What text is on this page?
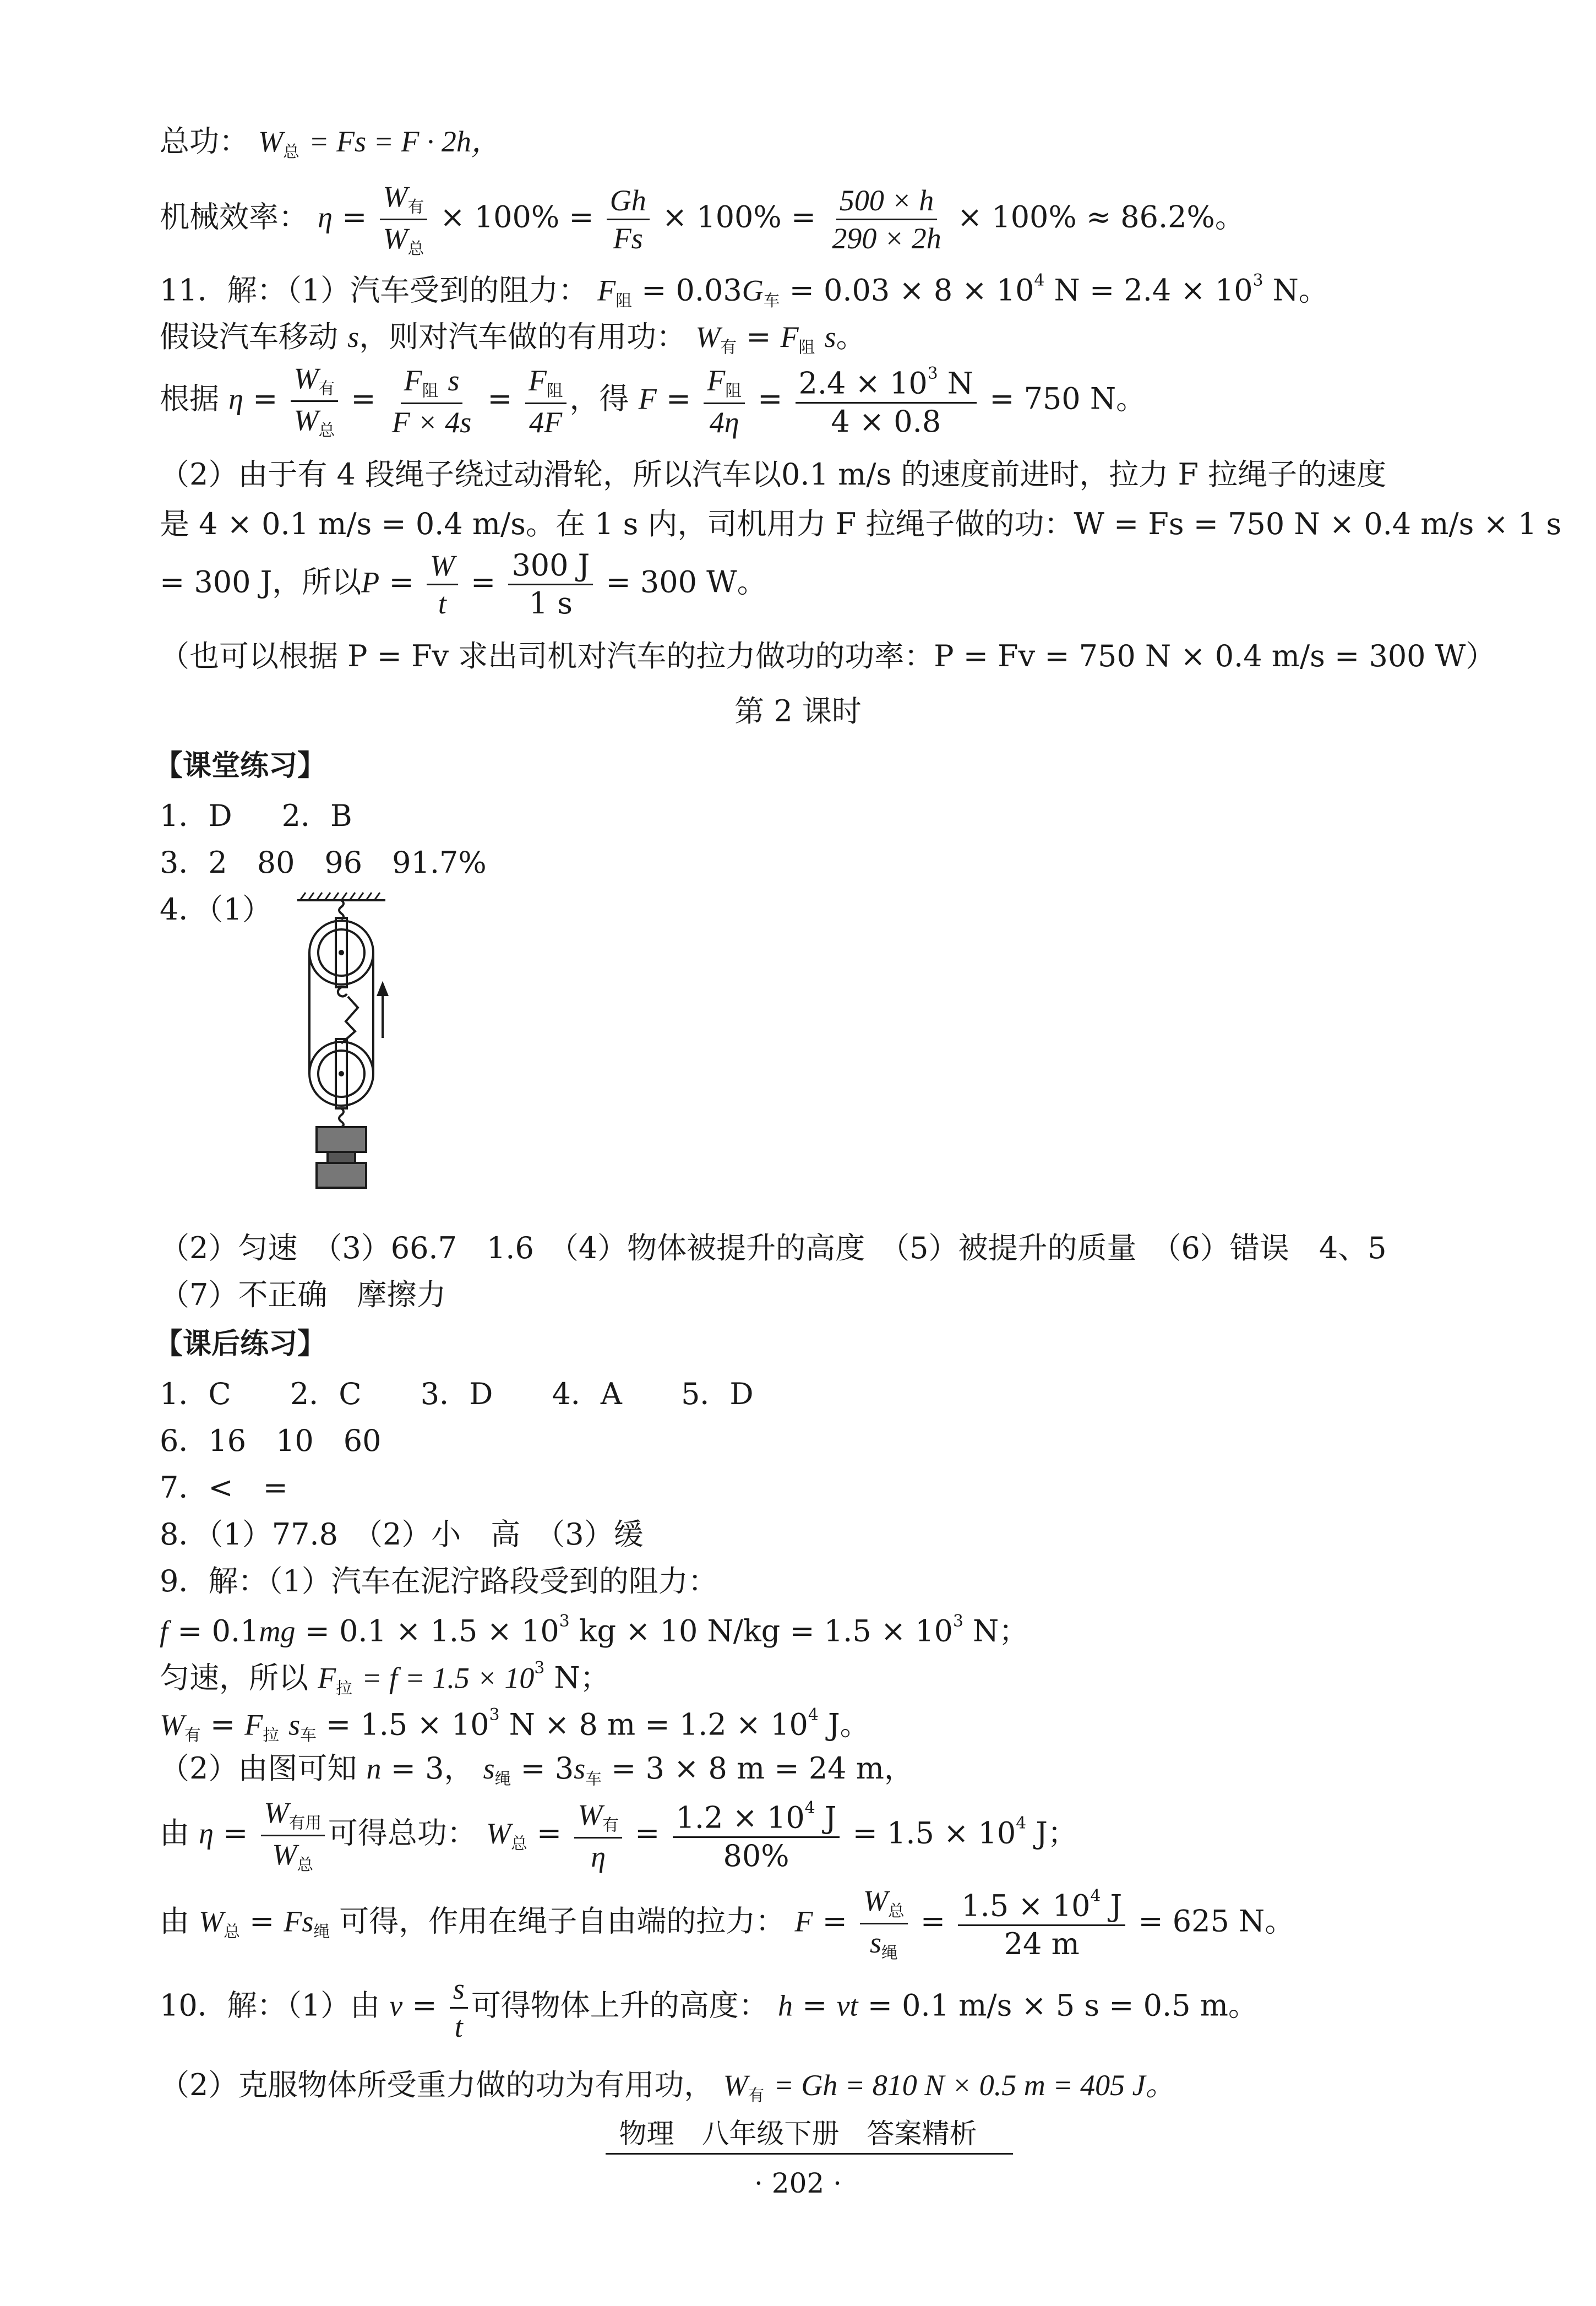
总功： $W_总 = Fs = F \cdot 2h$，
机械效率： $\eta = \frac{W_有}{W_总} \times 100\% = \frac{Gh}{Fs} \times 100\% = \frac{500 \times h}{290 \times 2h} \times 100\% \approx 86.2\%$。
11．解：（1）汽车受到的阻力： $F_阻 = 0.03G_车 = 0.03 \times 8 \times 10^4$ $N = 2.4 \times 10^3$ N。
假设汽车移动 s，则对汽车做的有用功： $W_有 = F_阻$ s。
根据 $\eta = \frac{W_有}{W_总} = \frac{F_阻 s}{F \times 4s} = \frac{F_阻}{4F}$ ，得 $F = \frac{F_阻}{4\eta} = \frac{2.4 \times 10^3 N}{4 \times 0.8} = 750$ N。
（2）由于有 4 段绳子绕过动滑轮，所以汽车以0.1 m/s 的速度前进时，拉力 F 拉绳子的速度
是 4 × 0.1 m/s = 0.4 m/s。在 1 s 内，司机用力 F 拉绳子做的功：W = Fs = 750 N × 0.4 m/s × 1 s
= 300 J，所以$P = \frac{W}{t} = \frac{300 J}{1 s} = 300$ W。
（也可以根据 P = Fv 求出司机对汽车的拉力做功的功率：P = Fv = 750 N × 0.4 m/s = 300 W）
第 2 课时
【课堂练习】
1．D 2．B
3．2　80　96　91.7%
4．（1）
（2）匀速　（3）66.7　1.6　（4）物体被提升的高度　（5）被提升的质量　（6）错误　4、5
（7）不正确　摩擦力
【课后练习】
1．C 2．C 3．D 4．A 5．D
6．16　10　60
7．<　=
8．（1）77.8　（2）小　高　（3）缓
9．解：（1）汽车在泥泞路段受到的阻力：
$f = 0.1mg = 0.1 \times 1.5 \times 10^3$ kg × 10 $N/kg = 1.5 \times 10^3$ N；
匀速，所以 $F_拉 = f = 1.5 \times 10^3$ N；
$W_有 = F_拉$ $s_车 = 1.5 \times 10^3$ N × 8 $m = 1.2 \times 10^4$ J。
（2）由图可知 n = 3， $s_绳 = 3s_车 = 3 \times 8$ m = 24 m，
由 $\eta = \frac{W_{有用}}{W_总}$ 可得总功： $W_总 = \frac{W_有}{\eta} = \frac{1.2 \times 10^4 J}{80\%} = 1.5 \times 10^4$ J；
由 $W_总 = Fs_绳$ 可得，作用在绳子自由端的拉力： $F = \frac{W_总}{s_绳} = \frac{1.5 \times 10^4 J}{24 m} = 625$ N。
10．解：（1）由 $v = \frac{s}{t}$ 可得物体上升的高度： h = vt = 0.1 m/s × 5 s = 0.5 m。
（2）克服物体所受重力做的功为有用功， $W_有 = Gh = 810$ N × 0.5 m = 405 J。
物理　八年级下册　答案精析
· 202 ·
